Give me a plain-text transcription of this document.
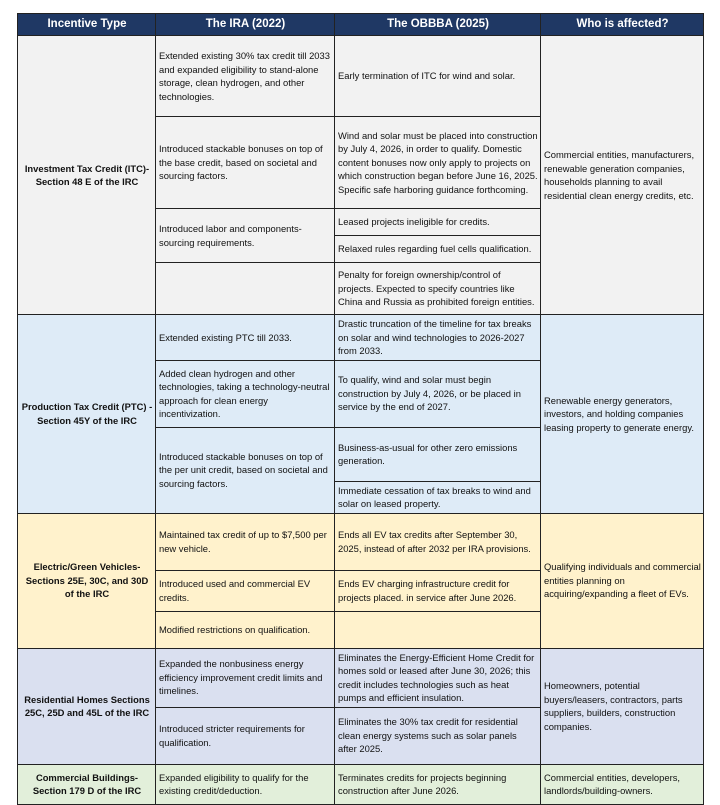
Incentive Type	The IRA (2022)	The OBBBA (2025)	Who is affected?
Investment Tax Credit (ITC)-Section 48 E of the IRC	Extended existing 30% tax credit till 2033 and expanded eligibility to stand-alone storage, clean hydrogen, and other technologies.	Early termination of ITC for wind and solar.	Commercial entities, manufacturers, renewable generation companies, households planning to avail residential clean energy credits, etc.
	Introduced stackable bonuses on top of the base credit, based on societal and sourcing factors.	Wind and solar must be placed into construction by July 4, 2026, in order to qualify. Domestic content bonuses now only apply to projects on which construction began before June 16, 2025. Specific safe harboring guidance forthcoming.	
	Introduced labor and components-sourcing requirements.	Leased projects ineligible for credits.	
		Relaxed rules regarding fuel cells qualification.	
		Penalty for foreign ownership/control of projects. Expected to specify countries like China and Russia as prohibited foreign entities.	
Production Tax Credit (PTC) -Section 45Y of the IRC	Extended existing PTC till 2033.	Drastic truncation of the timeline for tax breaks on solar and wind technologies to 2026-2027 from 2033.	Renewable energy generators, investors, and holding companies leasing property to generate energy.
	Added clean hydrogen and other technologies, taking a technology-neutral approach for clean energy incentivization.	To qualify, wind and solar must begin construction by July 4, 2026, or be placed in service by the end of 2027.	
	Introduced stackable bonuses on top of the per unit credit, based on societal and sourcing factors.	Business-as-usual for other zero emissions generation.	
		Immediate cessation of tax breaks to wind and solar on leased property.	
Electric/Green Vehicles-Sections 25E, 30C, and 30D of the IRC	Maintained tax credit of up to $7,500 per new vehicle.	Ends all EV tax credits after September 30, 2025, instead of after 2032 per IRA provisions.	Qualifying individuals and commercial entities planning on acquiring/expanding a fleet of EVs.
	Introduced used and commercial EV credits.	Ends EV charging infrastructure credit for projects placed. in service after June 2026.	
	Modified restrictions on qualification.		
Residential Homes Sections 25C, 25D and 45L of the IRC	Expanded the nonbusiness energy efficiency improvement credit limits and timelines.	Eliminates the Energy-Efficient Home Credit for homes sold or leased after June 30, 2026; this credit includes technologies such as heat pumps and efficient insulation.	Homeowners, potential buyers/leasers, contractors, parts suppliers, builders, construction companies.
	Introduced stricter requirements for qualification.	Eliminates the 30% tax credit for residential clean energy systems such as solar panels after 2025.	
Commercial Buildings-Section 179 D of the IRC	Expanded eligibility to qualify for the existing credit/deduction.	Terminates credits for projects beginning construction after June 2026.	Commercial entities, developers, landlords/building-owners.
